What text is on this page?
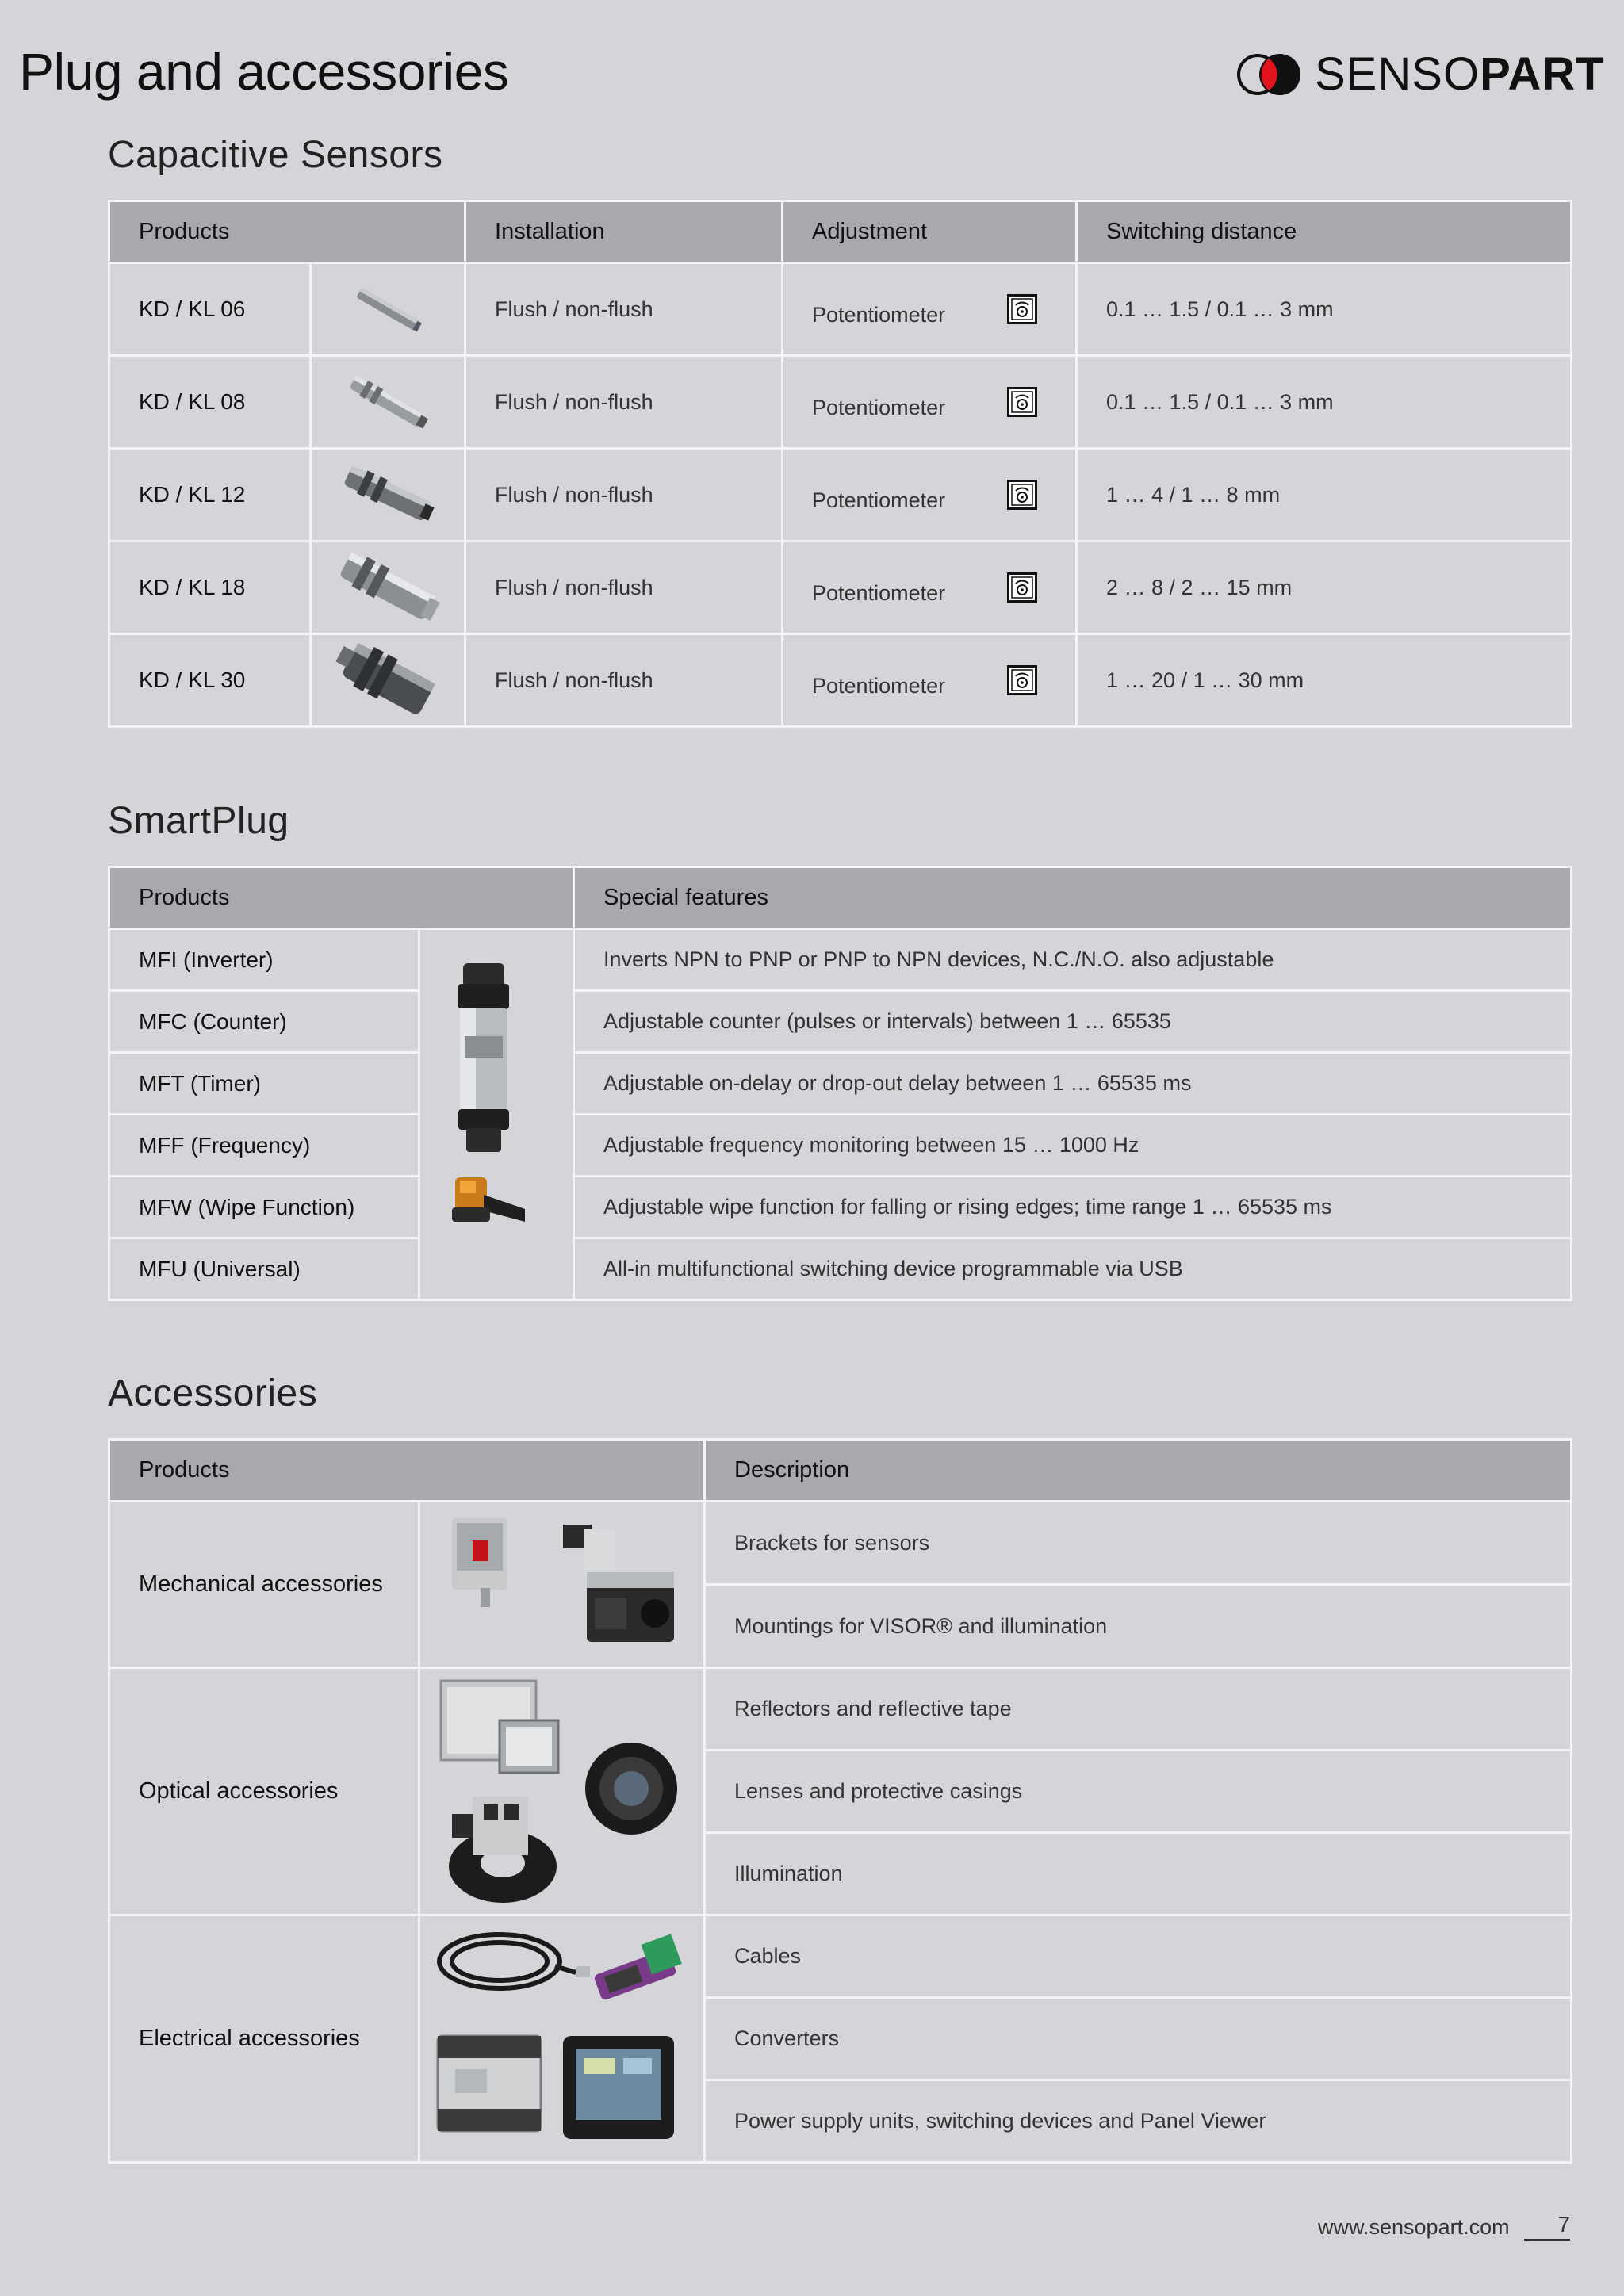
Plug and accessories	SENSOPART
Capacitive Sensors
Products		Installation	Adjustment	Switching distance
KD / KL 06		Flush / non-flush	Potentiometer	0.1 … 1.5 / 0.1 … 3 mm
KD / KL 08		Flush / non-flush	Potentiometer	0.1 … 1.5 / 0.1 … 3 mm
KD / KL 12		Flush / non-flush	Potentiometer	1 … 4 / 1 … 8 mm
KD / KL 18		Flush / non-flush	Potentiometer	2 … 8 / 2 … 15 mm
KD / KL 30		Flush / non-flush	Potentiometer	1 … 20 / 1 … 30 mm
SmartPlug
Products		Special features
MFI (Inverter)		Inverts NPN to PNP or PNP to NPN devices, N.C./N.O. also adjustable
MFC (Counter)		Adjustable counter (pulses or intervals) between 1 … 65535
MFT (Timer)		Adjustable on-delay or drop-out delay between 1 … 65535 ms
MFF (Frequency)		Adjustable frequency monitoring between 15 … 1000 Hz
MFW (Wipe Function)		Adjustable wipe function for falling or rising edges; time range 1 … 65535 ms
MFU (Universal)		All-in multifunctional switching device programmable via USB
Accessories
Products		Description
Mechanical accessories		Brackets for sensors
		Mountings for VISOR® and illumination
Optical accessories		Reflectors and reflective tape
		Lenses and protective casings
		Illumination
Electrical accessories		Cables
		Converters
		Power supply units, switching devices and Panel Viewer
www.sensopart.com	7
